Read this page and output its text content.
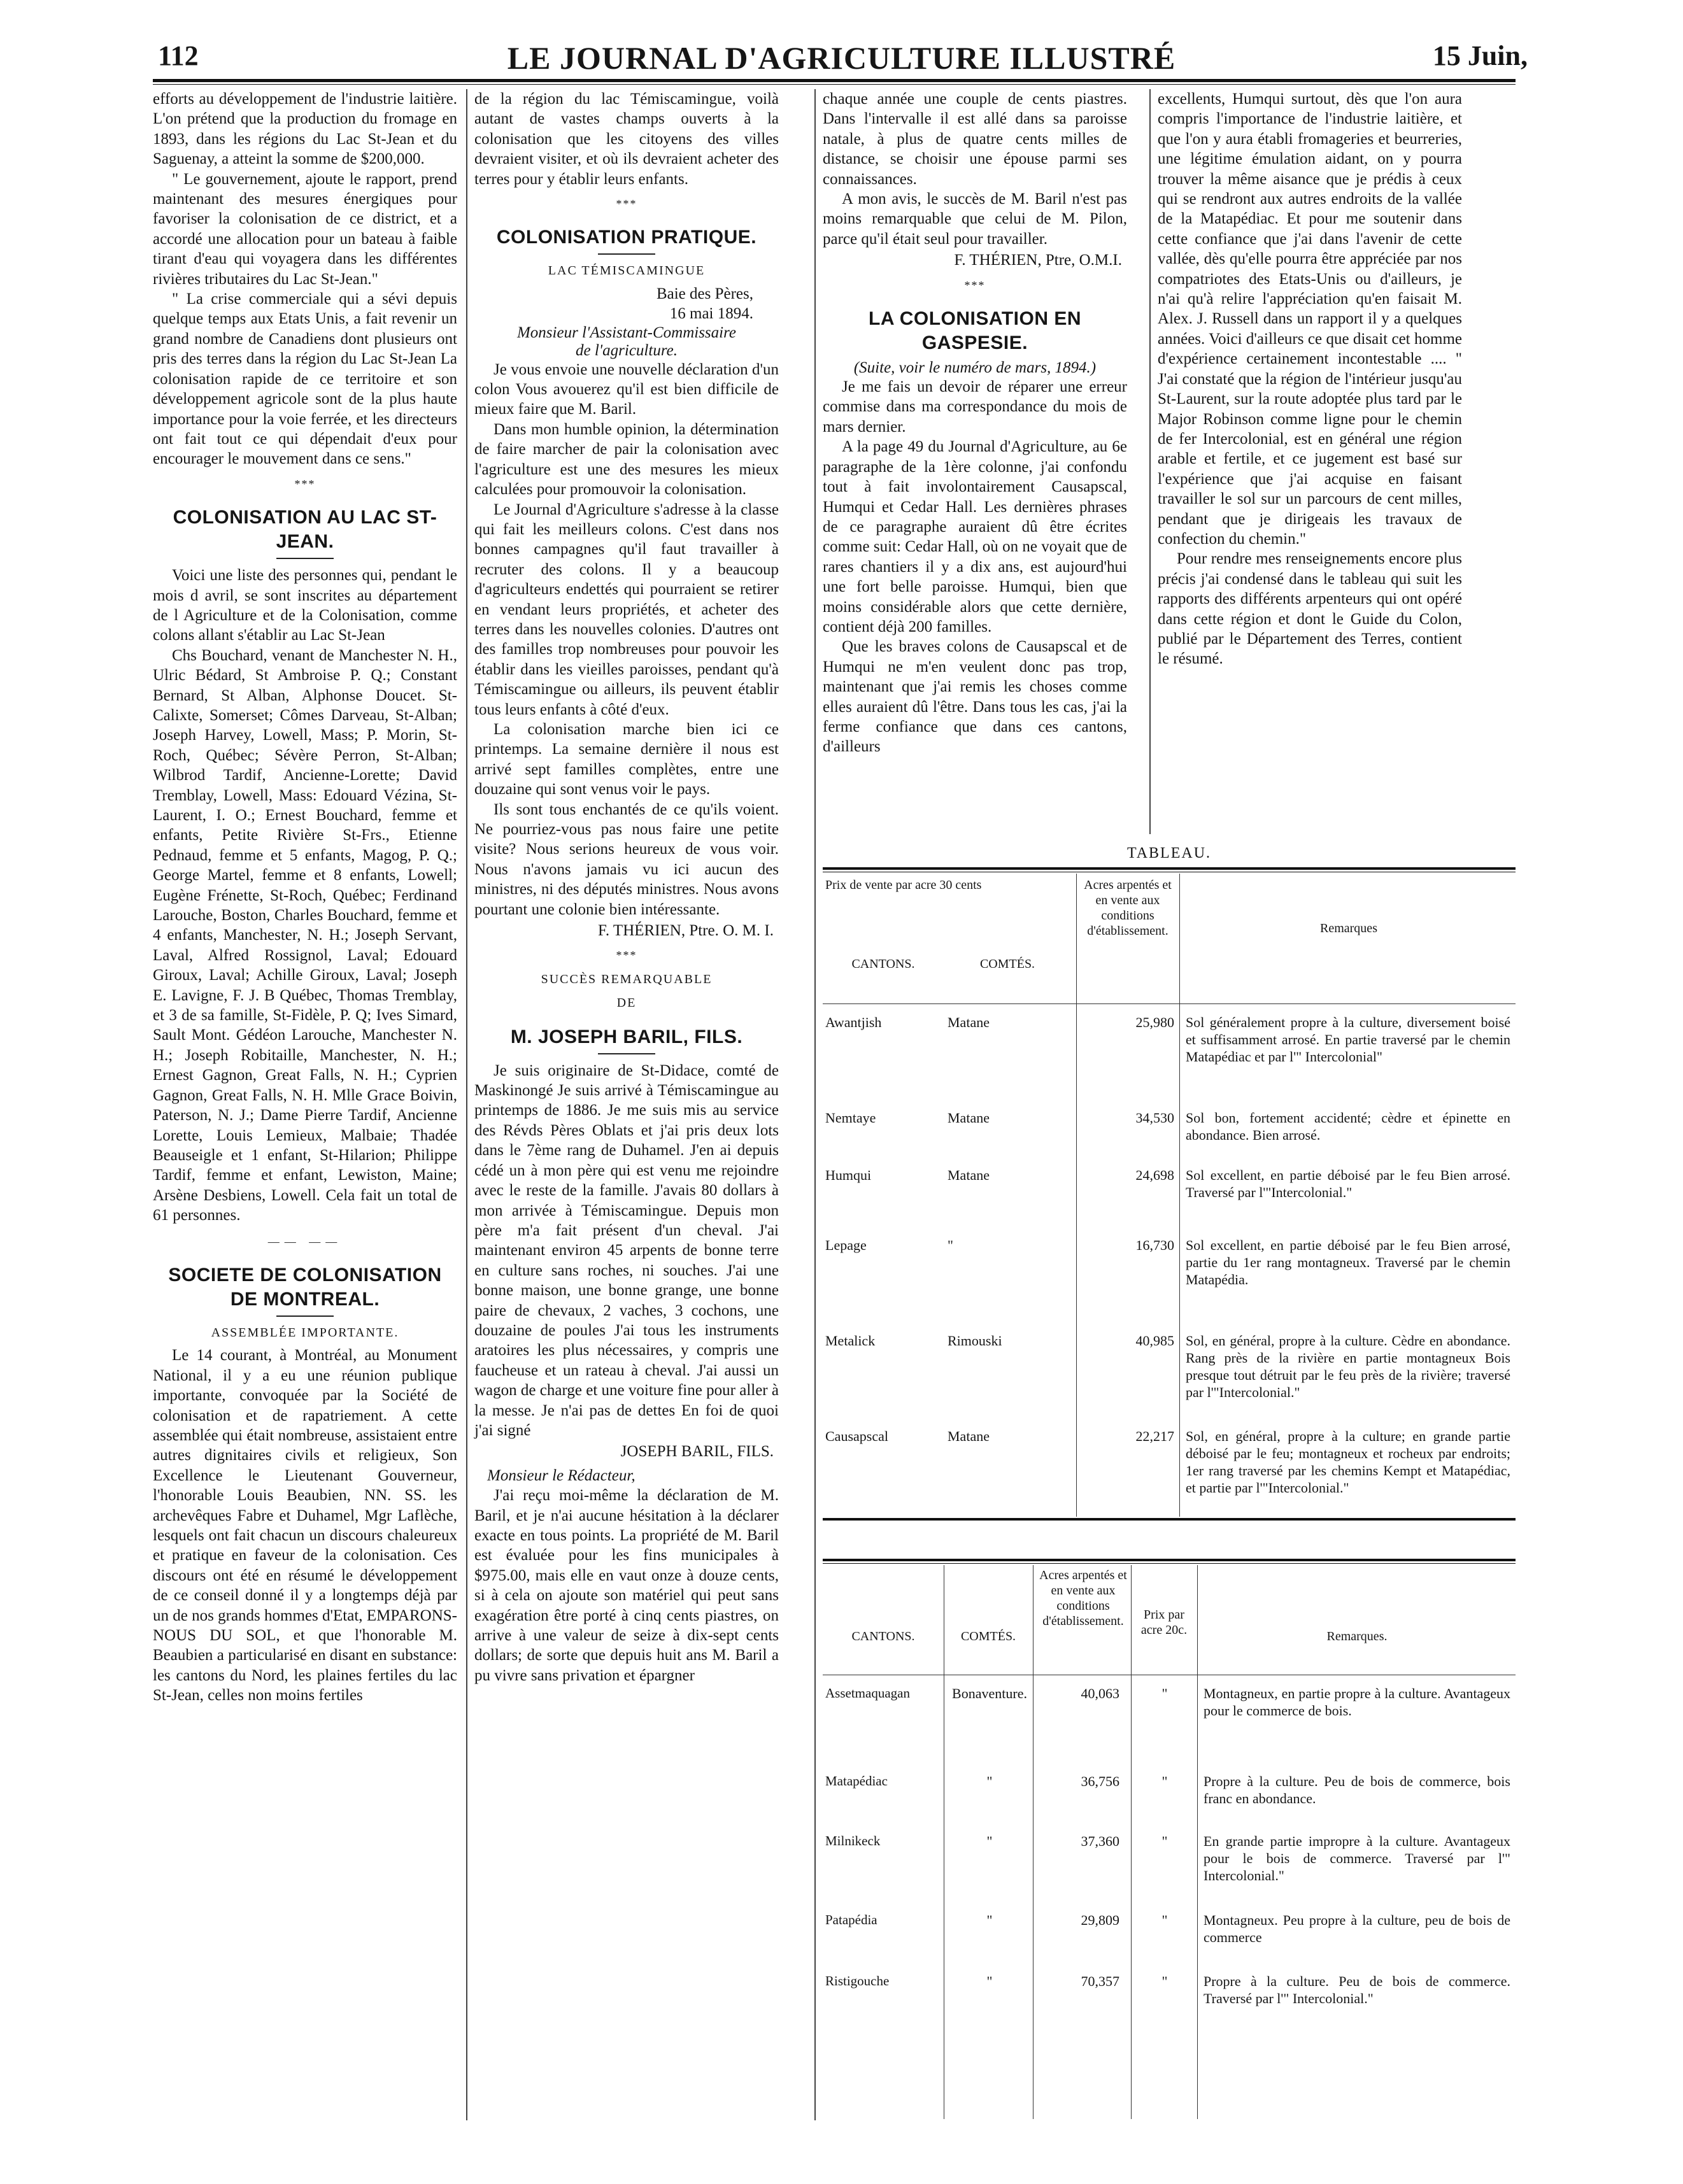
112	LE JOURNAL D'AGRICULTURE ILLUSTRÉ	15 Juin,

efforts au développement de l'industrie laitière. L'on prétend que la production du fromage en 1893, dans les régions du Lac St-Jean et du Saguenay, a atteint la somme de $200,000.

" Le gouvernement, ajoute le rapport, prend maintenant des mesures énergiques pour favoriser la colonisation de ce district, et a accordé une allocation pour un bateau à faible tirant d'eau qui voyagera dans les différentes rivières tributaires du Lac St-Jean."

" La crise commerciale qui a sévi depuis quelque temps aux Etats Unis, a fait revenir un grand nombre de Canadiens dont plusieurs ont pris des terres dans la région du Lac St-Jean La colonisation rapide de ce territoire et son développement agricole sont de la plus haute importance pour la voie ferrée, et les directeurs ont fait tout ce qui dépendait d'eux pour encourager le mouvement dans ce sens."

***
COLONISATION AU LAC ST-JEAN.

Voici une liste des personnes qui, pendant le mois d avril, se sont inscrites au département de l Agriculture et de la Colonisation, comme colons allant s'établir au Lac St-Jean

Chs Bouchard, venant de Manchester N. H., Ulric Bédard, St Ambroise P. Q.; Constant Bernard, St Alban, Alphonse Doucet. St-Calixte, Somerset; Cômes Darveau, St-Alban; Joseph Harvey, Lowell, Mass; P. Morin, St-Roch, Québec; Sévère Perron, St-Alban; Wilbrod Tardif, Ancienne-Lorette; David Tremblay, Lowell, Mass: Edouard Vézina, St-Laurent, I. O.; Ernest Bouchard, femme et enfants, Petite Rivière St-Frs., Etienne Pednaud, femme et 5 enfants, Magog, P. Q.; George Martel, femme et 8 enfants, Lowell; Eugène Frénette, St-Roch, Québec; Ferdinand Larouche, Boston, Charles Bouchard, femme et 4 enfants, Manchester, N. H.; Joseph Servant, Laval, Alfred Rossignol, Laval; Edouard Giroux, Laval; Achille Giroux, Laval; Joseph E. Lavigne, F. J. B Québec, Thomas Tremblay, et 3 de sa famille, St-Fidèle, P. Q; Ives Simard, Sault Mont. Gédéon Larouche, Manchester N. H.; Joseph Robitaille, Manchester, N. H.; Ernest Gagnon, Great Falls, N. H.; Cyprien Gagnon, Great Falls, N. H. Mlle Grace Boivin, Paterson, N. J.; Dame Pierre Tardif, Ancienne Lorette, Louis Lemieux, Malbaie; Thadée Beauseigle et 1 enfant, St-Hilarion; Philippe Tardif, femme et enfant, Lewiston, Maine; Arsène Desbiens, Lowell. Cela fait un total de 61 personnes.

—— ——
SOCIETE DE COLONISATION DE MONTREAL.
ASSEMBLÉE IMPORTANTE.

Le 14 courant, à Montréal, au Monument National, il y a eu une réunion publique importante, convoquée par la Société de colonisation et de rapatriement. A cette assemblée qui était nombreuse, assistaient entre autres dignitaires civils et religieux, Son Excellence le Lieutenant Gouverneur, l'honorable Louis Beaubien, NN. SS. les archevêques Fabre et Duhamel, Mgr Laflèche, lesquels ont fait chacun un discours chaleureux et pratique en faveur de la colonisation. Ces discours ont été en résumé le développement de ce conseil donné il y a longtemps déjà par un de nos grands hommes d'Etat, EMPARONS-NOUS DU SOL, et que l'honorable M. Beaubien a particularisé en disant en substance: les cantons du Nord, les plaines fertiles du lac St-Jean, celles non moins fertiles

de la région du lac Témiscamingue, voilà autant de vastes champs ouverts à la colonisation que les citoyens des villes devraient visiter, et où ils devraient acheter des terres pour y établir leurs enfants.

***
COLONISATION PRATIQUE.
LAC TÉMISCAMINGUE

Baie des Pères,

16 mai 1894.

Monsieur l'Assistant-Commissaire

de l'agriculture.

Je vous envoie une nouvelle déclaration d'un colon Vous avouerez qu'il est bien difficile de mieux faire que M. Baril.

Dans mon humble opinion, la détermination de faire marcher de pair la colonisation avec l'agriculture est une des mesures les mieux calculées pour promouvoir la colonisation.

Le Journal d'Agriculture s'adresse à la classe qui fait les meilleurs colons. C'est dans nos bonnes campagnes qu'il faut travailler à recruter des colons. Il y a beaucoup d'agriculteurs endettés qui pourraient se retirer en vendant leurs propriétés, et acheter des terres dans les nouvelles colonies. D'autres ont des familles trop nombreuses pour pouvoir les établir dans les vieilles paroisses, pendant qu'à Témiscamingue ou ailleurs, ils peuvent établir tous leurs enfants à côté d'eux.

La colonisation marche bien ici ce printemps. La semaine dernière il nous est arrivé sept familles complètes, entre une douzaine qui sont venus voir le pays.

Ils sont tous enchantés de ce qu'ils voient. Ne pourriez-vous pas nous faire une petite visite? Nous serions heureux de vous voir. Nous n'avons jamais vu ici aucun des ministres, ni des députés ministres. Nous avons pourtant une colonie bien intéressante.

F. THÉRIEN, Ptre. O. M. I.

***
SUCCÈS REMARQUABLE
DE
M. JOSEPH BARIL, FILS.

Je suis originaire de St-Didace, comté de Maskinongé Je suis arrivé à Témiscamingue au printemps de 1886. Je me suis mis au service des Révds Pères Oblats et j'ai pris deux lots dans le 7ème rang de Duhamel. J'en ai depuis cédé un à mon père qui est venu me rejoindre avec le reste de la famille. J'avais 80 dollars à mon arrivée à Témiscamingue. Depuis mon père m'a fait présent d'un cheval. J'ai maintenant environ 45 arpents de bonne terre en culture sans roches, ni souches. J'ai une bonne maison, une bonne grange, une bonne paire de chevaux, 2 vaches, 3 cochons, une douzaine de poules J'ai tous les instruments aratoires les plus nécessaires, y compris une faucheuse et un rateau à cheval. J'ai aussi un wagon de charge et une voiture fine pour aller à la messe. Je n'ai pas de dettes En foi de quoi j'ai signé

JOSEPH BARIL, FILS.

Monsieur le Rédacteur,

J'ai reçu moi-même la déclaration de M. Baril, et je n'ai aucune hésitation à la déclarer exacte en tous points. La propriété de M. Baril est évaluée pour les fins municipales à $975.00, mais elle en vaut onze à douze cents, si à cela on ajoute son matériel qui peut sans exagération être porté à cinq cents piastres, on arrive à une valeur de seize à dix-sept cents dollars; de sorte que depuis huit ans M. Baril a pu vivre sans privation et épargner

chaque année une couple de cents piastres. Dans l'intervalle il est allé dans sa paroisse natale, à plus de quatre cents milles de distance, se choisir une épouse parmi ses connaissances.

A mon avis, le succès de M. Baril n'est pas moins remarquable que celui de M. Pilon, parce qu'il était seul pour travailler.

F. THÉRIEN, Ptre, O.M.I.

***
LA COLONISATION EN GASPESIE.

(Suite, voir le numéro de mars, 1894.)

Je me fais un devoir de réparer une erreur commise dans ma correspondance du mois de mars dernier.

A la page 49 du Journal d'Agriculture, au 6e paragraphe de la 1ère colonne, j'ai confondu tout à fait involontairement Causapscal, Humqui et Cedar Hall. Les dernières phrases de ce paragraphe auraient dû être écrites comme suit: Cedar Hall, où on ne voyait que de rares chantiers il y a dix ans, est aujourd'hui une fort belle paroisse. Humqui, bien que moins considérable alors que cette dernière, contient déjà 200 familles.

Que les braves colons de Causapscal et de Humqui ne m'en veulent donc pas trop, maintenant que j'ai remis les choses comme elles auraient dû l'être. Dans tous les cas, j'ai la ferme confiance que dans ces cantons, d'ailleurs

excellents, Humqui surtout, dès que l'on aura compris l'importance de l'industrie laitière, et que l'on y aura établi fromageries et beurreries, une légitime émulation aidant, on y pourra trouver la même aisance que je prédis à ceux qui se rendront aux autres endroits de la vallée de la Matapédiac. Et pour me soutenir dans cette confiance que j'ai dans l'avenir de cette vallée, dès qu'elle pourra être appréciée par nos compatriotes des Etats-Unis ou d'ailleurs, je n'ai qu'à relire l'appréciation qu'en faisait M. Alex. J. Russell dans un rapport il y a quelques années. Voici d'ailleurs ce que disait cet homme d'expérience certainement incontestable .... " J'ai constaté que la région de l'intérieur jusqu'au St-Laurent, sur la route adoptée plus tard par le Major Robinson comme ligne pour le chemin de fer Intercolonial, est en général une région arable et fertile, et ce jugement est basé sur l'expérience que j'ai acquise en faisant travailler le sol sur un parcours de cent milles, pendant que je dirigeais les travaux de confection du chemin."

Pour rendre mes renseignements encore plus précis j'ai condensé dans le tableau qui suit les rapports des différents arpenteurs qui ont opéré dans cette région et dont le Guide du Colon, publié par le Département des Terres, contient le résumé.

TABLEAU.
Prix de vente par acre 30 cents
CANTONS.	COMTÉS.
Acres arpentés et en vente aux conditions d'établissement.	Remarques
Awantjish	Matane	25,980 Sol généralement propre à la culture, diversement boisé et suffisamment arrosé. En partie traversé par le chemin Matapédiac et par l'" Intercolonial"
Nemtaye	Matane	34,530 Sol bon, fortement accidenté; cèdre et épinette en abondance. Bien arrosé.
Humqui	Matane	24,698 Sol excellent, en partie déboisé par le feu Bien arrosé. Traversé par l'"Intercolonial."
Lepage	"	16,730 Sol excellent, en partie déboisé par le feu Bien arrosé, partie du 1er rang montagneux. Traversé par le chemin Matapédia.
Metalick	Rimouski	40,985 Sol, en général, propre à la culture. Cèdre en abondance. Rang près de la rivière en partie montagneux Bois presque tout détruit par le feu près de la rivière; traversé par l'"Intercolonial."
Causapscal	Matane	22,217 Sol, en général, propre à la culture; en grande partie déboisé par le feu; montagneux et rocheux par endroits; 1er rang traversé par les chemins Kempt et Matapédiac, et partie par l'"Intercolonial."
CANTONS.	COMTÉS.
Acres arpentés et en vente aux conditions d'établissement.	Prix par acre 20c.	Remarques.
Assetmaquagan	Bonaventure.	40,063	"	Montagneux, en partie propre à la culture. Avantageux pour le commerce de bois.
Matapédiac	"	36,756	"	Propre à la culture. Peu de bois de commerce, bois franc en abondance.
Milnikeck	"	37,360	"	En grande partie impropre à la culture. Avantageux pour le bois de commerce. Traversé par l'" Intercolonial."
Patapédia	"	29,809	"	Montagneux. Peu propre à la culture, peu de bois de commerce
Ristigouche	"	70,357	"	Propre à la culture. Peu de bois de commerce. Traversé par l'" Intercolonial."
